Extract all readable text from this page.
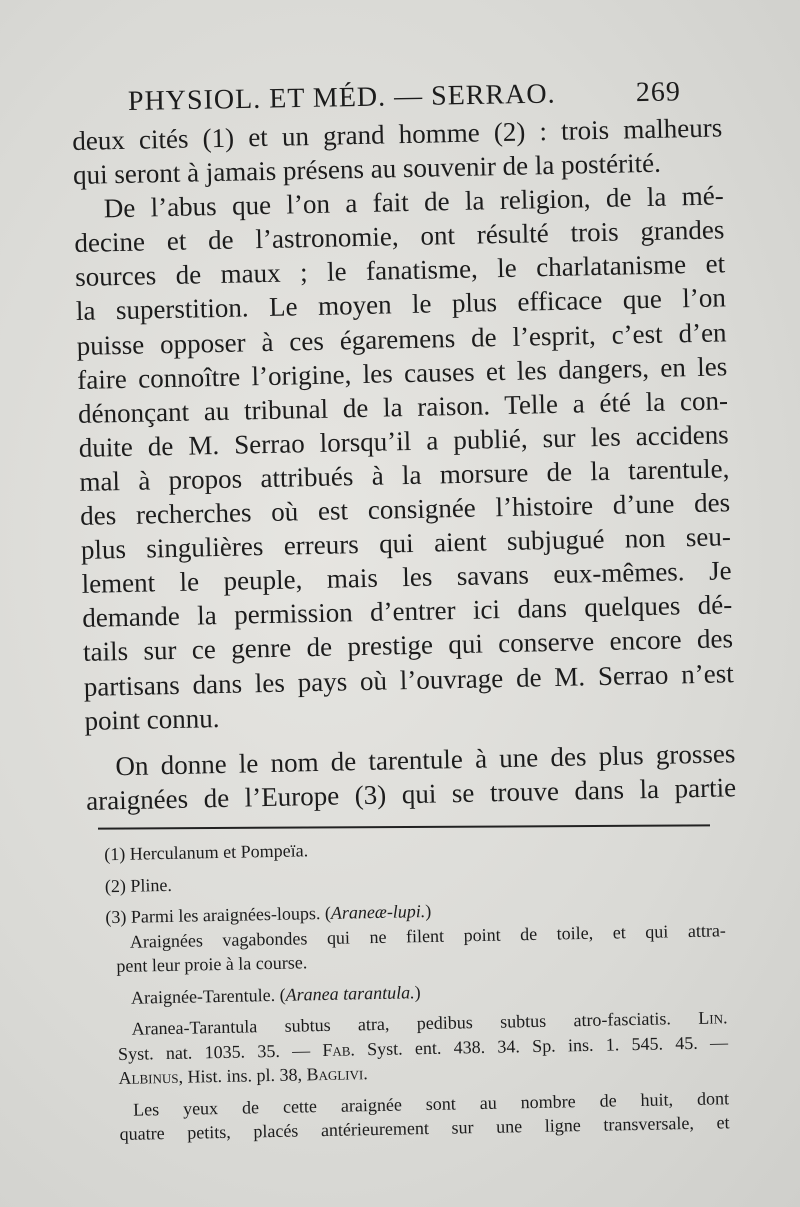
PHYSIOL. ET MÉD. — SERRAO.	269
deux cités (1) et un grand homme (2) : trois malheurs
qui seront à jamais présens au souvenir de la postérité.
De l’abus que l’on a fait de la religion, de la mé-
decine et de l’astronomie, ont résulté trois grandes
sources de maux ; le fanatisme, le charlatanisme et
la superstition. Le moyen le plus efficace que l’on
puisse opposer à ces égaremens de l’esprit, c’est d’en
faire connoître l’origine, les causes et les dangers, en les
dénonçant au tribunal de la raison. Telle a été la con-
duite de M. Serrao lorsqu’il a publié, sur les accidens
mal à propos attribués à la morsure de la tarentule,
des recherches où est consignée l’histoire d’une des
plus singulières erreurs qui aient subjugué non seu-
lement le peuple, mais les savans eux-mêmes. Je
demande la permission d’entrer ici dans quelques dé-
tails sur ce genre de prestige qui conserve encore des
partisans dans les pays où l’ouvrage de M. Serrao n’est
point connu.
On donne le nom de tarentule à une des plus grosses
araignées de l’Europe (3) qui se trouve dans la partie
(1) Herculanum et Pompeïa.
(2) Pline.
(3) Parmi les araignées-loups. (Araneæ-lupi.)
Araignées vagabondes qui ne filent point de toile, et qui attra-
pent leur proie à la course.
Araignée-Tarentule. (Aranea tarantula.)
Aranea-Tarantula subtus atra, pedibus subtus atro-fasciatis. Lin.
Syst. nat. 1035. 35. — Fab. Syst. ent. 438. 34. Sp. ins. 1. 545. 45. —
Albinus, Hist. ins. pl. 38, Baglivi.
Les yeux de cette araignée sont au nombre de huit, dont
quatre petits, placés antérieurement sur une ligne transversale, et
